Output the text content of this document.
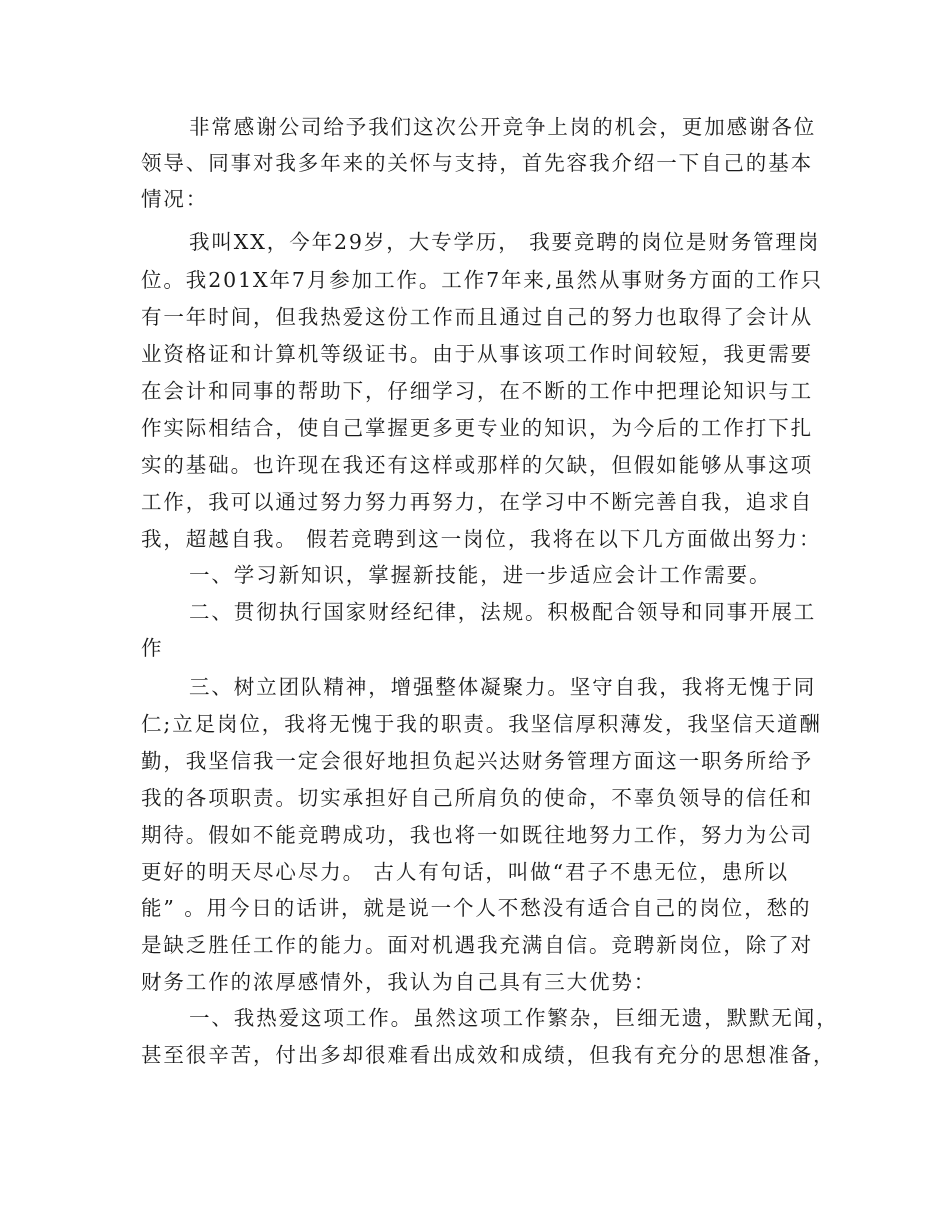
非常感谢公司给予我们这次公开竞争上岗的机会，更加感谢各位
领导、同事对我多年来的关怀与支持，首先容我介绍一下自己的基本
情况：
我叫XX，今年29岁，大专学历， 我要竞聘的岗位是财务管理岗
位。我201X年7月参加工作。工作7年来,虽然从事财务方面的工作只
有一年时间，但我热爱这份工作而且通过自己的努力也取得了会计从
业资格证和计算机等级证书。由于从事该项工作时间较短，我更需要
在会计和同事的帮助下，仔细学习，在不断的工作中把理论知识与工
作实际相结合，使自己掌握更多更专业的知识，为今后的工作打下扎
实的基础。也许现在我还有这样或那样的欠缺，但假如能够从事这项
工作，我可以通过努力努力再努力，在学习中不断完善自我，追求自
我，超越自我。 假若竞聘到这一岗位，我将在以下几方面做出努力：
一、学习新知识，掌握新技能，进一步适应会计工作需要。
二、贯彻执行国家财经纪律，法规。积极配合领导和同事开展工
作
三、树立团队精神，增强整体凝聚力。坚守自我，我将无愧于同
仁;立足岗位，我将无愧于我的职责。我坚信厚积薄发，我坚信天道酬
勤，我坚信我一定会很好地担负起兴达财务管理方面这一职务所给予
我的各项职责。切实承担好自己所肩负的使命，不辜负领导的信任和
期待。假如不能竞聘成功，我也将一如既往地努力工作，努力为公司
更好的明天尽心尽力。 古人有句话，叫做“君子不患无位，患所以
能” 。用今日的话讲，就是说一个人不愁没有适合自己的岗位，愁的
是缺乏胜任工作的能力。面对机遇我充满自信。竞聘新岗位，除了对
财务工作的浓厚感情外，我认为自己具有三大优势：
一、我热爱这项工作。虽然这项工作繁杂，巨细无遗，默默无闻，
甚至很辛苦，付出多却很难看出成效和成绩，但我有充分的思想准备，
